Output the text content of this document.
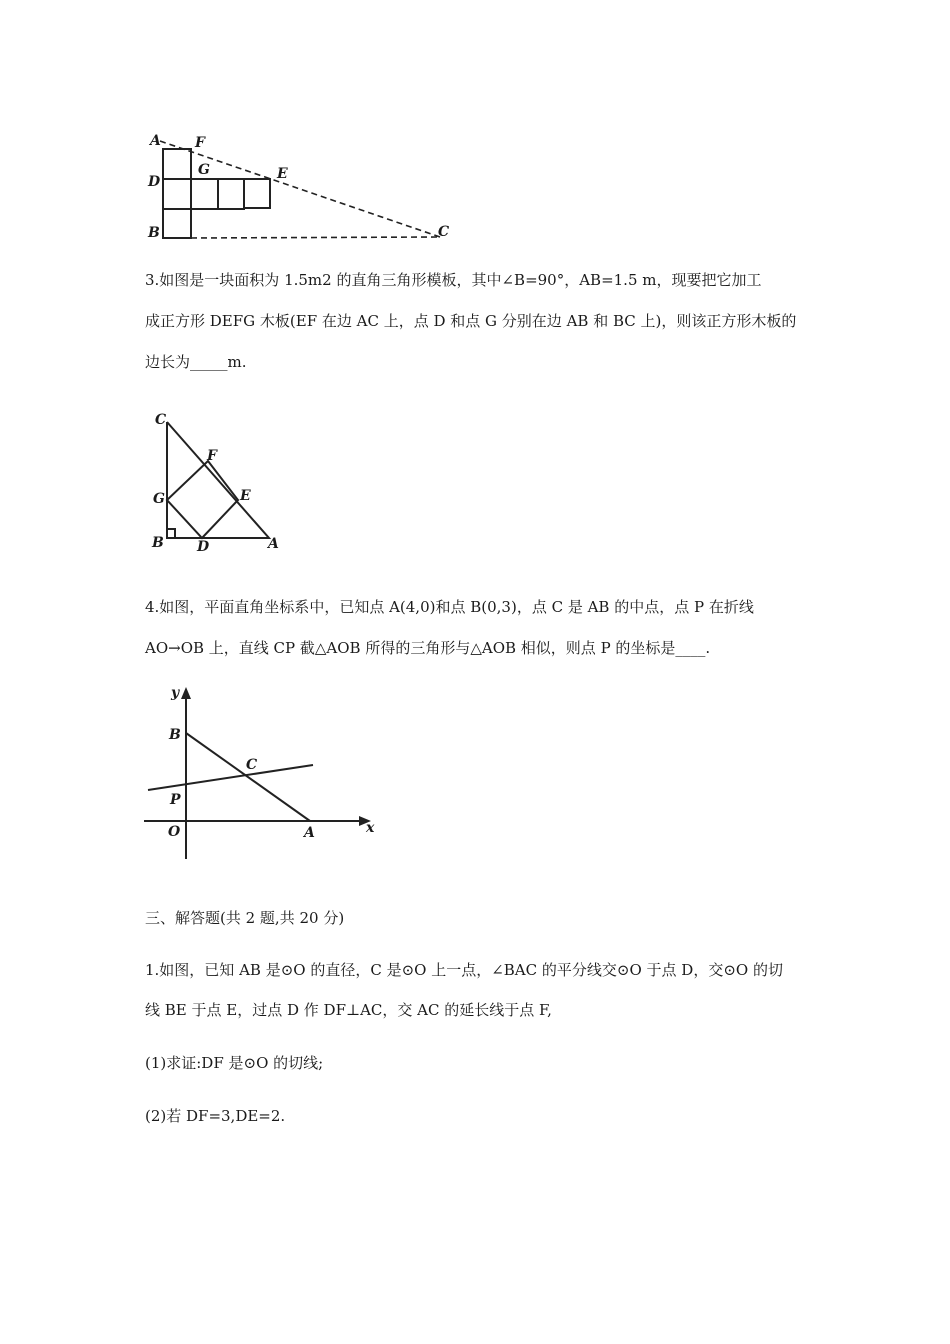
A F
D
G	E
B	C
3.如图是一块面积为 1.5m2 的直角三角形模板，其中∠B=90°，AB=1.5 m，现要把它加工
成正方形 DEFG 木板(EF 在边 AC 上，点 D 和点 G 分别在边 AB 和 BC 上)，则该正方形木板的
边长为_____m.
C
F
G	E
B D	A
4.如图，平面直角坐标系中，已知点 A(4,0)和点 B(0,3)，点 C 是 AB 的中点，点 P 在折线
AO→OB 上，直线 CP 截△AOB 所得的三角形与△AOB 相似，则点 P 的坐标是____.
y
B
C
P
O	A	x
三、解答题(共 2 题,共 20 分)
1.如图，已知 AB 是⊙O 的直径，C 是⊙O 上一点，∠BAC 的平分线交⊙O 于点 D，交⊙O 的切
线 BE 于点 E，过点 D 作 DF⊥AC，交 AC 的延长线于点 F,
(1)求证:DF 是⊙O 的切线;
(2)若 DF=3,DE=2.
